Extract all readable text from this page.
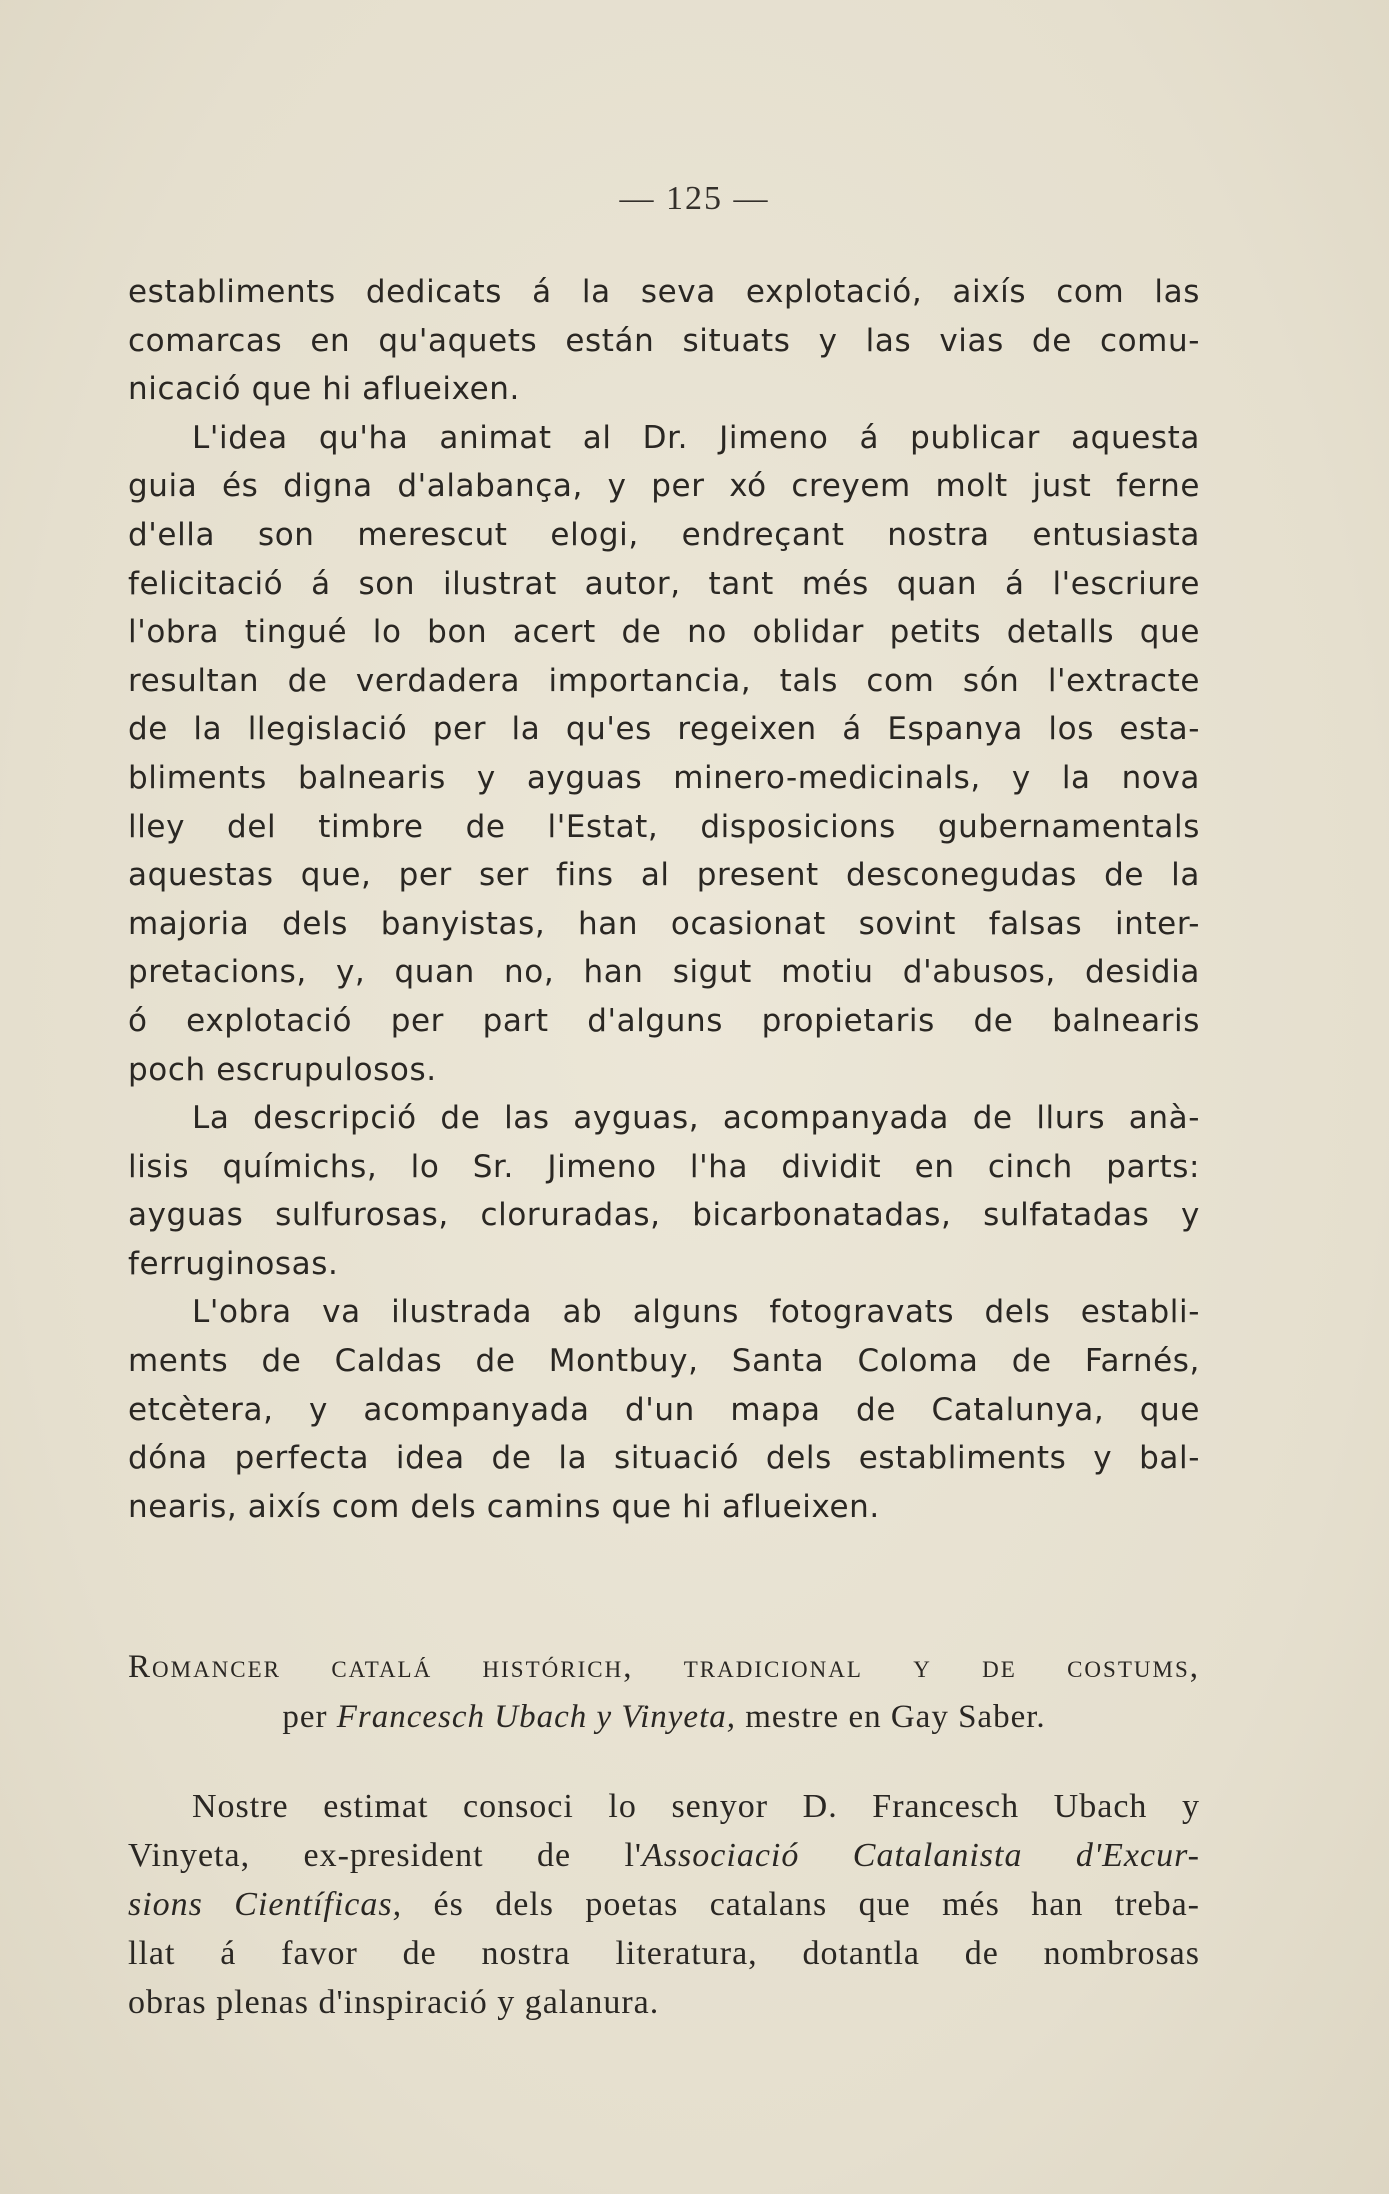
— 125 —
establiments dedicats á la seva explotació, aixís com las
comarcas en qu'aquets están situats y las vias de comu-
nicació que hi aflueixen.
L'idea qu'ha animat al Dr. Jimeno á publicar aquesta
guia és digna d'alabança, y per xó creyem molt just ferne
d'ella son merescut elogi, endreçant nostra entusiasta
felicitació á son ilustrat autor, tant més quan á l'escriure
l'obra tingué lo bon acert de no oblidar petits detalls que
resultan de verdadera importancia, tals com són l'extracte
de la llegislació per la qu'es regeixen á Espanya los esta-
bliments balnearis y ayguas minero-medicinals, y la nova
lley del timbre de l'Estat, disposicions gubernamentals
aquestas que, per ser fins al present desconegudas de la
majoria dels banyistas, han ocasionat sovint falsas inter-
pretacions, y, quan no, han sigut motiu d'abusos, desidia
ó explotació per part d'alguns propietaris de balnearis
poch escrupulosos.
La descripció de las ayguas, acompanyada de llurs anà-
lisis químichs, lo Sr. Jimeno l'ha dividit en cinch parts:
ayguas sulfurosas, cloruradas, bicarbonatadas, sulfatadas y
ferruginosas.
L'obra va ilustrada ab alguns fotogravats dels establi-
ments de Caldas de Montbuy, Santa Coloma de Farnés,
etcètera, y acompanyada d'un mapa de Catalunya, que
dóna perfecta idea de la situació dels establiments y bal-
nearis, aixís com dels camins que hi aflueixen.
Romancer catalá histórich, tradicional y de costums,
per Francesch Ubach y Vinyeta, mestre en Gay Saber.
Nostre estimat consoci lo senyor D. Francesch Ubach y
Vinyeta, ex-president de l'Associació Catalanista d'Excur-
sions Científicas, és dels poetas catalans que més han treba-
llat á favor de nostra literatura, dotantla de nombrosas
obras plenas d'inspiració y galanura.
